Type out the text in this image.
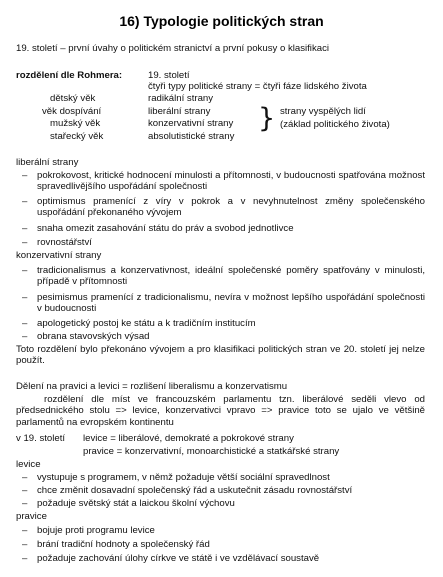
16) Typologie politických stran
19. století – první úvahy o politickém stranictví a první pokusy o klasifikaci
rozdělení dle Rohmera:	19. století
čtyři typy politické strany = čtyři fáze lidského života
dětský věk	radikální strany
věk dospívání	liberální strany
mužský věk	konzervativní strany
stařecký věk	absolutistické strany
} strany vyspělých lidí
(základ politického života)
liberální strany
– pokrokovost, kritické hodnocení minulosti a přítomnosti, v budoucnosti spatřována možnost spravedlivějšího uspořádání společnosti
– optimismus pramenící z víry v pokrok a v nevyhnutelnost změny společenského uspořádání překonaného vývojem
– snaha omezit zasahování státu do práv a svobod jednotlivce
– rovnostářství
konzervativní strany
– tradicionalismus a konzervativnost, ideální společenské poměry spatřovány v minulosti, případě v přítomnosti
– pesimismus pramenící z tradicionalismu, nevíra v možnost lepšího uspořádání společnosti v budoucnosti
– apologetický postoj ke státu a k tradičním institucím
– obrana stavovských výsad
Toto rozdělení bylo překonáno vývojem a pro klasifikaci politických stran ve 20. století jej nelze použít.
Dělení na pravici a levici = rozlišení liberalismu a konzervatismu
rozdělení dle míst ve francouzském parlamentu tzn. liberálové seděli vlevo od předsednického stolu => levice, konzervativci vpravo => pravice toto se ujalo ve většině parlamentů na evropském kontinentu
v 19. století levice = liberálové, demokraté a pokrokové strany
pravice = konzervativní, monoarchistické a statkářské strany
levice
– vystupuje s programem, v němž požaduje větší sociální spravedlnost
– chce změnit dosavadní společenský řád a uskutečnit zásadu rovnostářství
– požaduje světský stát a laickou školní výchovu
pravice
– bojuje proti programu levice
– brání tradiční hodnoty a společenský řád
– požaduje zachování úlohy církve ve státě i ve vzdělávací soustavě
